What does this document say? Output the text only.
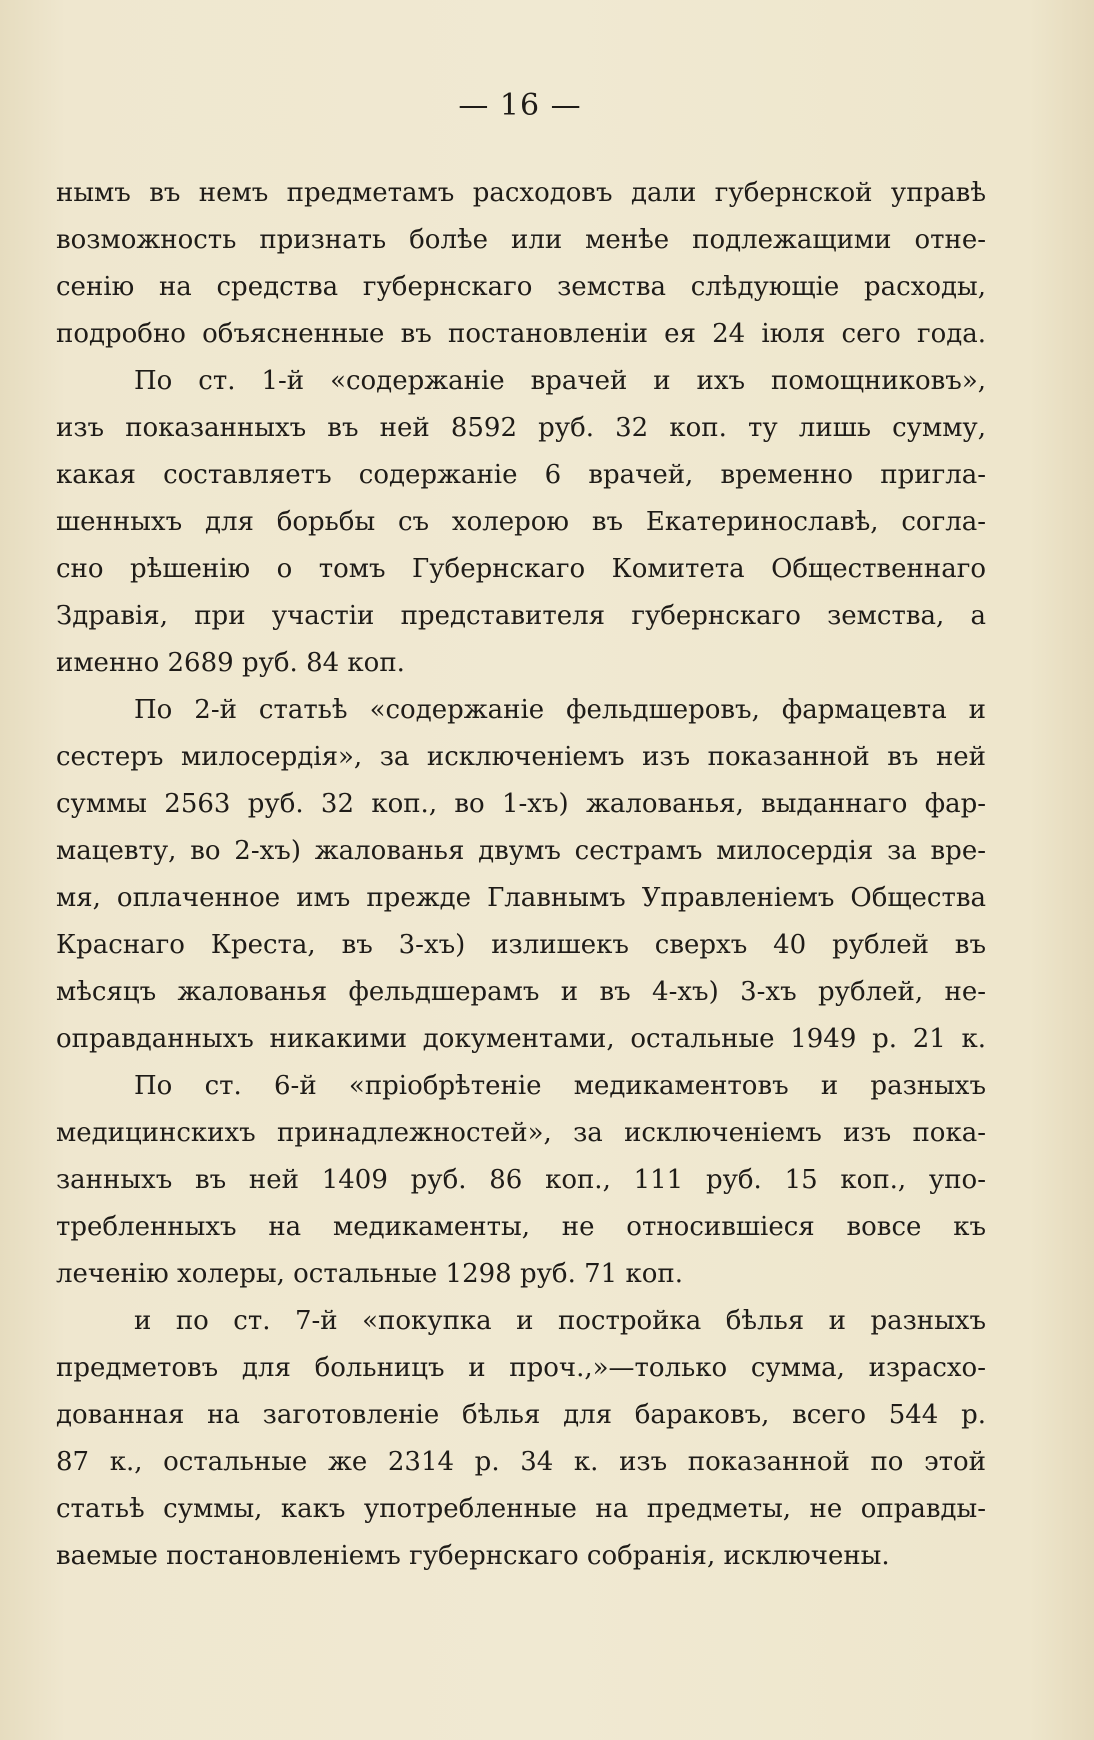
— 16 —
нымъ въ немъ предметамъ расходовъ дали губернской управѣ
возможность признать болѣе или менѣе подлежащими отне-
сенію на средства губернскаго земства слѣдующіе расходы,
подробно объясненные въ постановленіи ея 24 іюля сего года.
По ст. 1-й «содержаніе врачей и ихъ помощниковъ»,
изъ показанныхъ въ ней 8592 руб. 32 коп. ту лишь сумму,
какая составляетъ содержаніе 6 врачей, временно пригла-
шенныхъ для борьбы съ холерою въ Екатеринославѣ, согла-
сно рѣшенію о томъ Губернскаго Комитета Общественнаго
Здравія, при участіи представителя губернскаго земства, а
именно 2689 руб. 84 коп.
По 2-й статьѣ «содержаніе фельдшеровъ, фармацевта и
сестеръ милосердія», за исключеніемъ изъ показанной въ ней
суммы 2563 руб. 32 коп., во 1-хъ) жалованья, выданнаго фар-
мацевту, во 2-хъ) жалованья двумъ сестрамъ милосердія за вре-
мя, оплаченное имъ прежде Главнымъ Управленіемъ Общества
Краснаго Креста, въ 3-хъ) излишекъ сверхъ 40 рублей въ
мѣсяцъ жалованья фельдшерамъ и въ 4-хъ) 3-хъ рублей, не-
оправданныхъ никакими документами, остальные 1949 р. 21 к.
По ст. 6-й «пріобрѣтеніе медикаментовъ и разныхъ
медицинскихъ принадлежностей», за исключеніемъ изъ пока-
занныхъ въ ней 1409 руб. 86 коп., 111 руб. 15 коп., упо-
требленныхъ на медикаменты, не относившіеся вовсе къ
леченію холеры, остальные 1298 руб. 71 коп.
и по ст. 7-й «покупка и постройка бѣлья и разныхъ
предметовъ для больницъ и проч.,»—только сумма, израсхо-
дованная на заготовленіе бѣлья для бараковъ, всего 544 р.
87 к., остальные же 2314 р. 34 к. изъ показанной по этой
статьѣ суммы, какъ употребленные на предметы, не оправды-
ваемые постановленіемъ губернскаго собранія, исключены.
